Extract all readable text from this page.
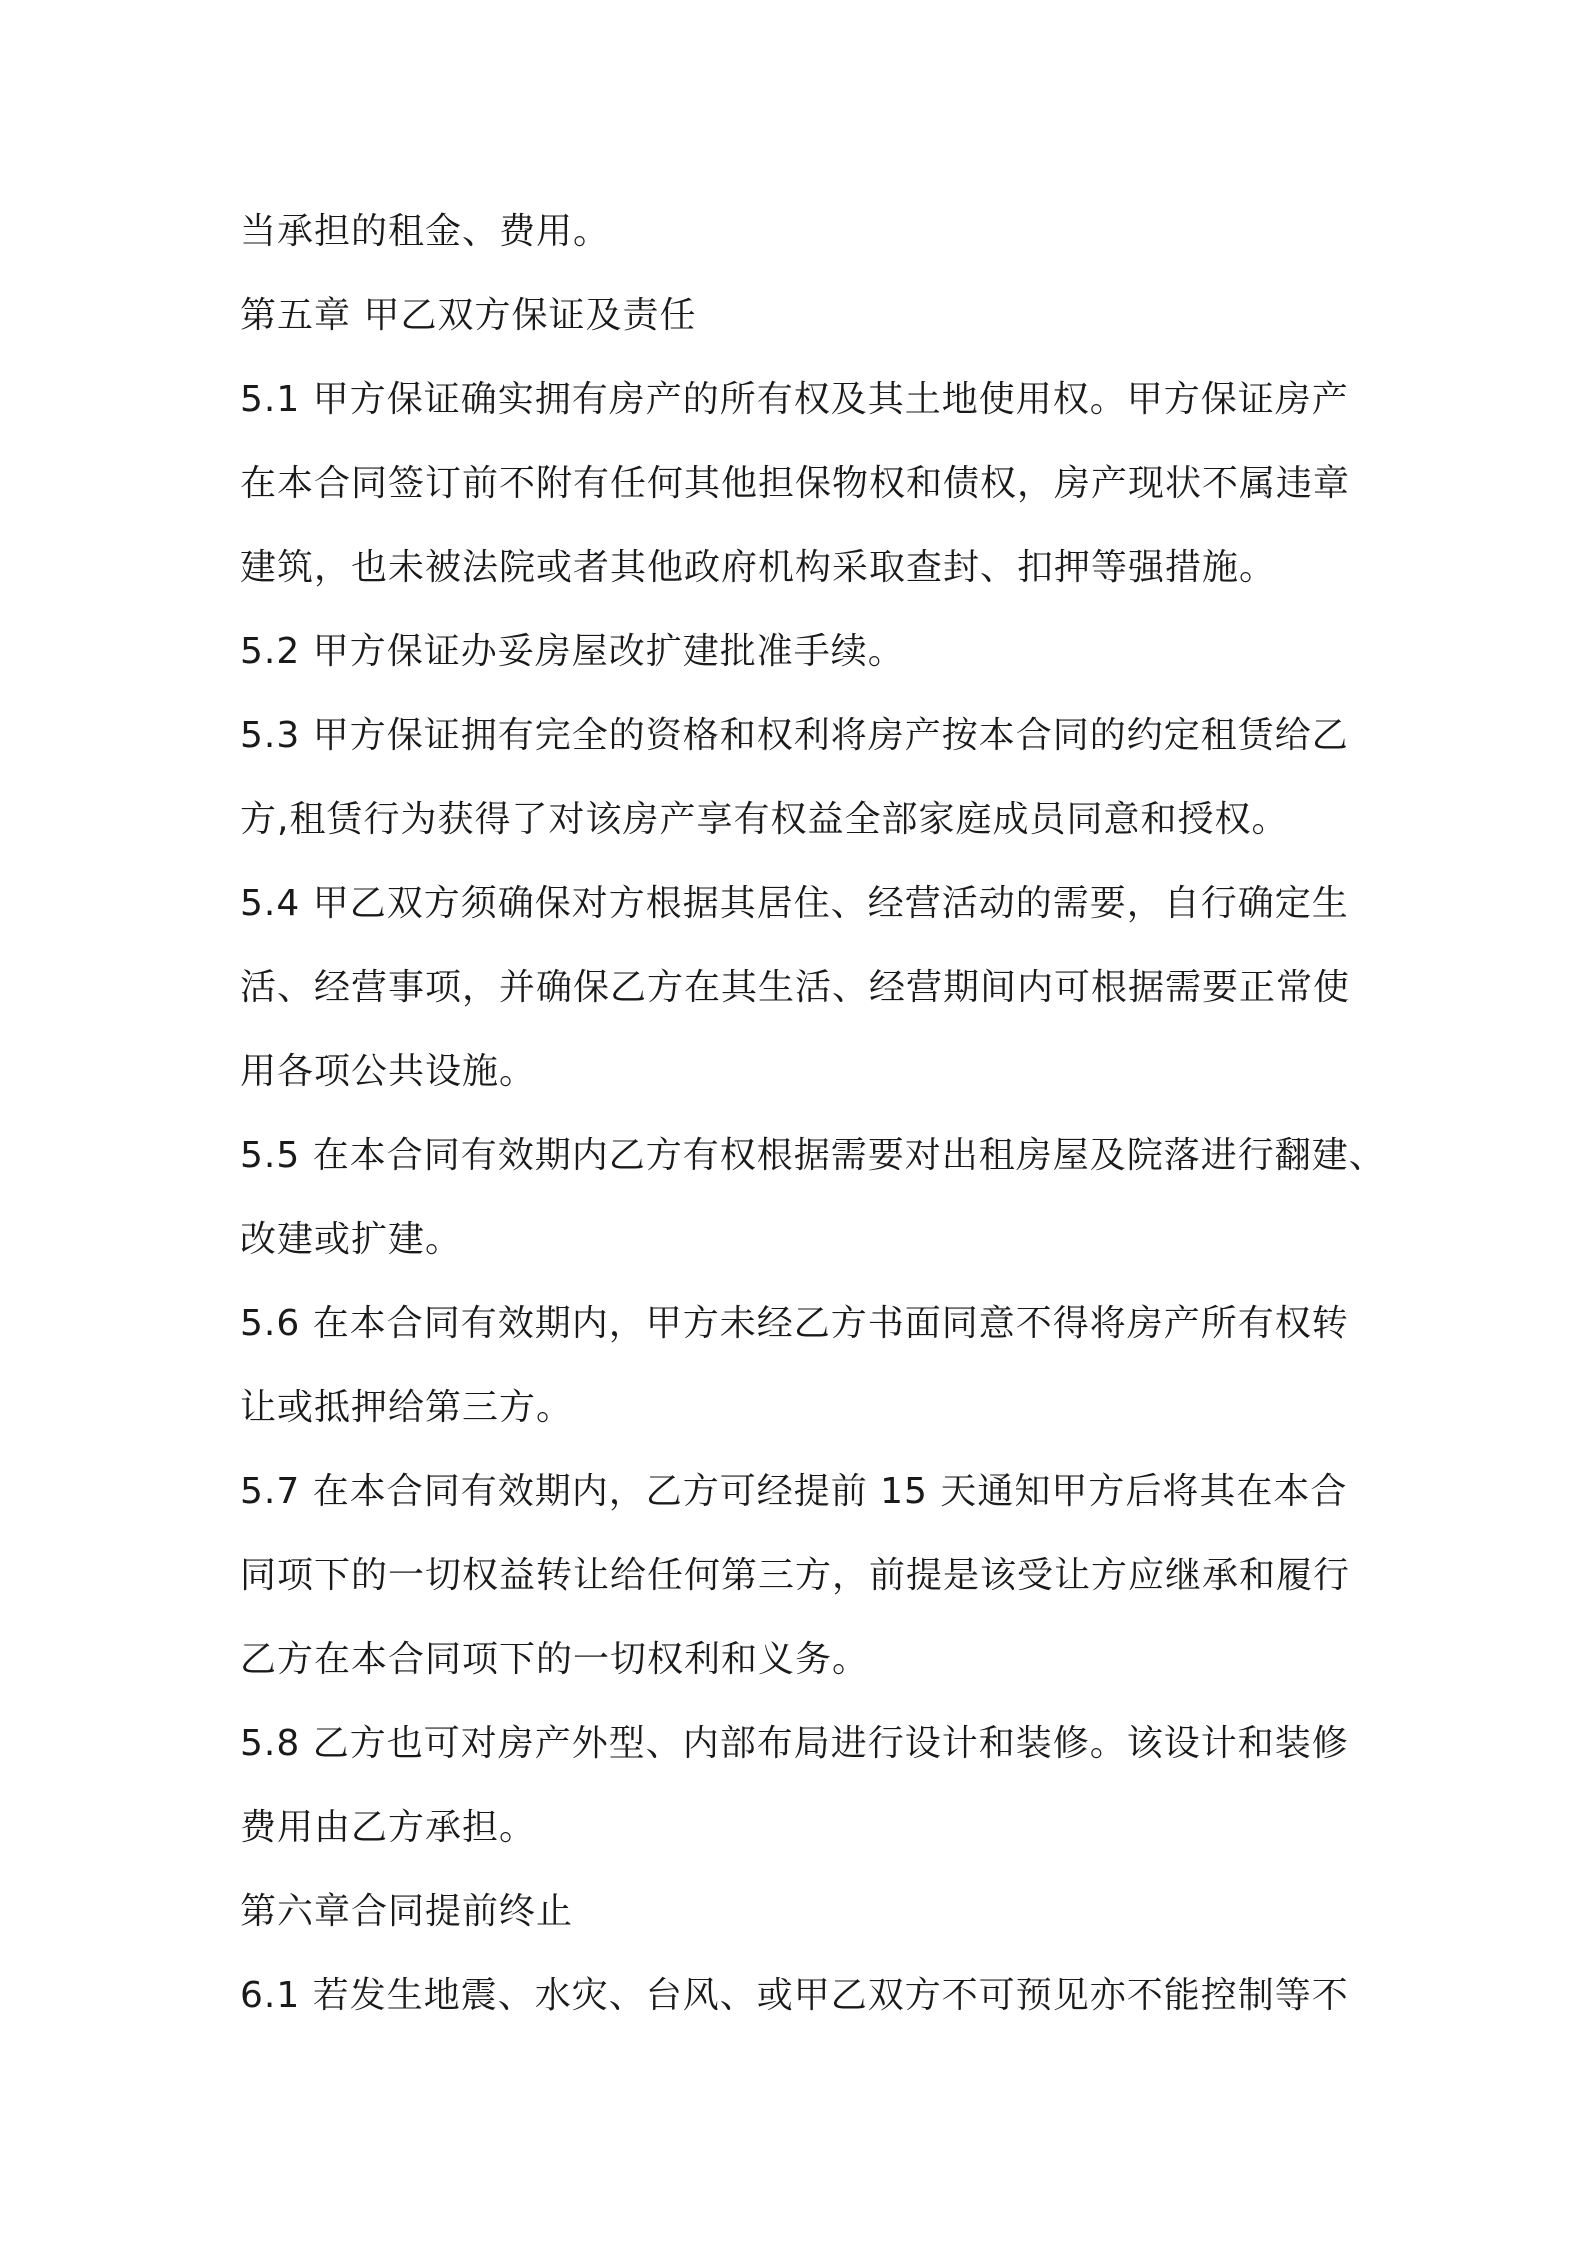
当承担的租金、费用。
第五章 甲乙双方保证及责任
5.1 甲方保证确实拥有房产的所有权及其土地使用权。甲方保证房产
在本合同签订前不附有任何其他担保物权和债权，房产现状不属违章
建筑，也未被法院或者其他政府机构采取查封、扣押等强措施。
5.2 甲方保证办妥房屋改扩建批准手续。
5.3 甲方保证拥有完全的资格和权利将房产按本合同的约定租赁给乙
方,租赁行为获得了对该房产享有权益全部家庭成员同意和授权。
5.4 甲乙双方须确保对方根据其居住、经营活动的需要，自行确定生
活、经营事项，并确保乙方在其生活、经营期间内可根据需要正常使
用各项公共设施。
5.5 在本合同有效期内乙方有权根据需要对出租房屋及院落进行翻建、
改建或扩建。
5.6 在本合同有效期内，甲方未经乙方书面同意不得将房产所有权转
让或抵押给第三方。
5.7 在本合同有效期内，乙方可经提前 15 天通知甲方后将其在本合
同项下的一切权益转让给任何第三方，前提是该受让方应继承和履行
乙方在本合同项下的一切权利和义务。
5.8 乙方也可对房产外型、内部布局进行设计和装修。该设计和装修
费用由乙方承担。
第六章合同提前终止
6.1 若发生地震、水灾、台风、或甲乙双方不可预见亦不能控制等不
